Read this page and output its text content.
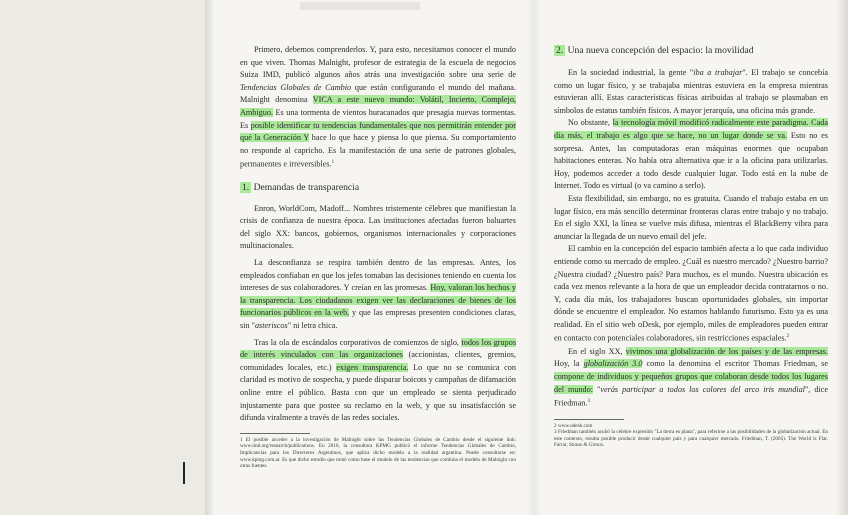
Primero, debemos comprenderlos. Y, para esto, necesitamos conocer el mundo en que viven. Thomas Malnight, profesor de estrategia de la escuela de negocios Suiza IMD, publicó algunos años atrás una investigación sobre una serie de Tendencias Globales de Cambio que están configurando el mundo del mañana. Malnight denomina VICA a este nuevo mundo: Volátil, Incierto, Complejo, Ambiguo. Es una tormenta de vientos huracanados que presagia nuevas tormentas. Es posible identificar tu tendencias fundamentales que nos permitirán entender por qué la Generación Y hace lo que hace y piensa lo que piensa. Su comportamiento no responde al capricho. Es la manifestación de una serie de patrones globales, permanentes e irreversibles.$^1$

1. Demandas de transparencia

Enron, WorldCom, Madoff... Nombres tristemente célebres que manifiestan la crisis de confianza de nuestra época. Las instituciones afectadas fueron baluartes del siglo XX: bancos, gobiernos, organismos internacionales y corporaciones multinacionales.

La desconfianza se respira también dentro de las empresas. Antes, los empleados confiaban en que los jefes tomaban las decisiones teniendo en cuenta los intereses de sus colaboradores. Y creían en las promesas. Hoy, valoran los hechos y la transparencia. Los ciudadanos exigen ver las declaraciones de bienes de los funcionarios públicos en la web, y que las empresas presenten condiciones claras, sin "asteriscos" ni letra chica.

Tras la ola de escándalos corporativos de comienzos de siglo, todos los grupos de interés vinculados con las organizaciones (accionistas, clientes, gremios, comunidades locales, etc.) exigen transparencia. Lo que no se comunica con claridad es motivo de sospecha, y puede disparar boicots y campañas de difamación online entre el público. Basta con que un empleado se sienta perjudicado injustamente para que postee su reclamo en la web, y que su insatisfacción se difunda viralmente a través de las redes sociales.

1 El posible acceder a la investigación de Malnight sobre las Tendencias Globales de Cambio desde el siguiente link: www.imd.org/research/publications. En 2010, la consultora KPMG publicó el informe Tendencias Globales de Cambio, Implicancias para los Directores Argentinos, que aplica dicho modelo a la realidad argentina. Puede consultarse en: www.kpmg.com.ar. Es que dicho estudio que tomé como base el modelo de las tendencias que combina el modelo de Malnight con otras fuentes.
2. Una nueva concepción del espacio: la movilidad

En la sociedad industrial, la gente "iba a trabajar". El trabajo se concebía como un lugar físico, y se trabajaba mientras estuviera en la empresa mientras estuvieran allí. Estas características físicas atribuidas al trabajo se plasmaban en símbolos de estatus también físicos. A mayor jerarquía, una oficina más grande.

No obstante, la tecnología móvil modificó radicalmente este paradigma. Cada día más, el trabajo es algo que se hace, no un lugar donde se va. Esto no es sorpresa. Antes, las computadoras eran máquinas enormes que ocupaban habitaciones enteras. No había otra alternativa que ir a la oficina para utilizarlas. Hoy, podemos acceder a todo desde cualquier lugar. Todo está en la nube de Internet. Todo es virtual (o va camino a serlo).

Esta flexibilidad, sin embargo, no es gratuita. Cuando el trabajo estaba en un lugar físico, era más sencillo determinar fronteras claras entre trabajo y no trabajo. En el siglo XXI, la línea se vuelve más difusa, mientras el BlackBerry vibra para anunciar la llegada de un nuevo email del jefe.

El cambio en la concepción del espacio también afecta a lo que cada individuo entiende como su mercado de empleo. ¿Cuál es nuestro mercado? ¿Nuestro barrio? ¿Nuestra ciudad? ¿Nuestro país? Para muchos, es el mundo. Nuestra ubicación es cada vez menos relevante a la hora de que un empleador decida contratarnos o no. Y, cada día más, los trabajadores buscan oportunidades globales, sin importar dónde se encuentre el empleador. No estamos hablando futurismo. Esto ya es una realidad. En el sitio web oDesk, por ejemplo, miles de empleadores pueden entrar en contacto con potenciales colaboradores, sin restricciones espaciales.$^2$

En el siglo XX, vivimos una globalización de los países y de las empresas. Hoy, la globalización 3.0 como la denomina el escritor Thomas Friedman, se compone de individuos y pequeños grupos que colaboran desde todos los lugares del mundo: "veràs participar a todos los colores del arco iris mundial", dice Friedman.$^3$

2 www.odesk.com
3 Friedman también acuñó la célebre expresión "La tierra es plana", para referirse a las posibilidades de la globalización actual. En este contexto, resulta posible producir desde cualquier país y para cualquier mercado. Friedman, T. (2005). The World is Flat. Farrar, Straus & Giroux.
